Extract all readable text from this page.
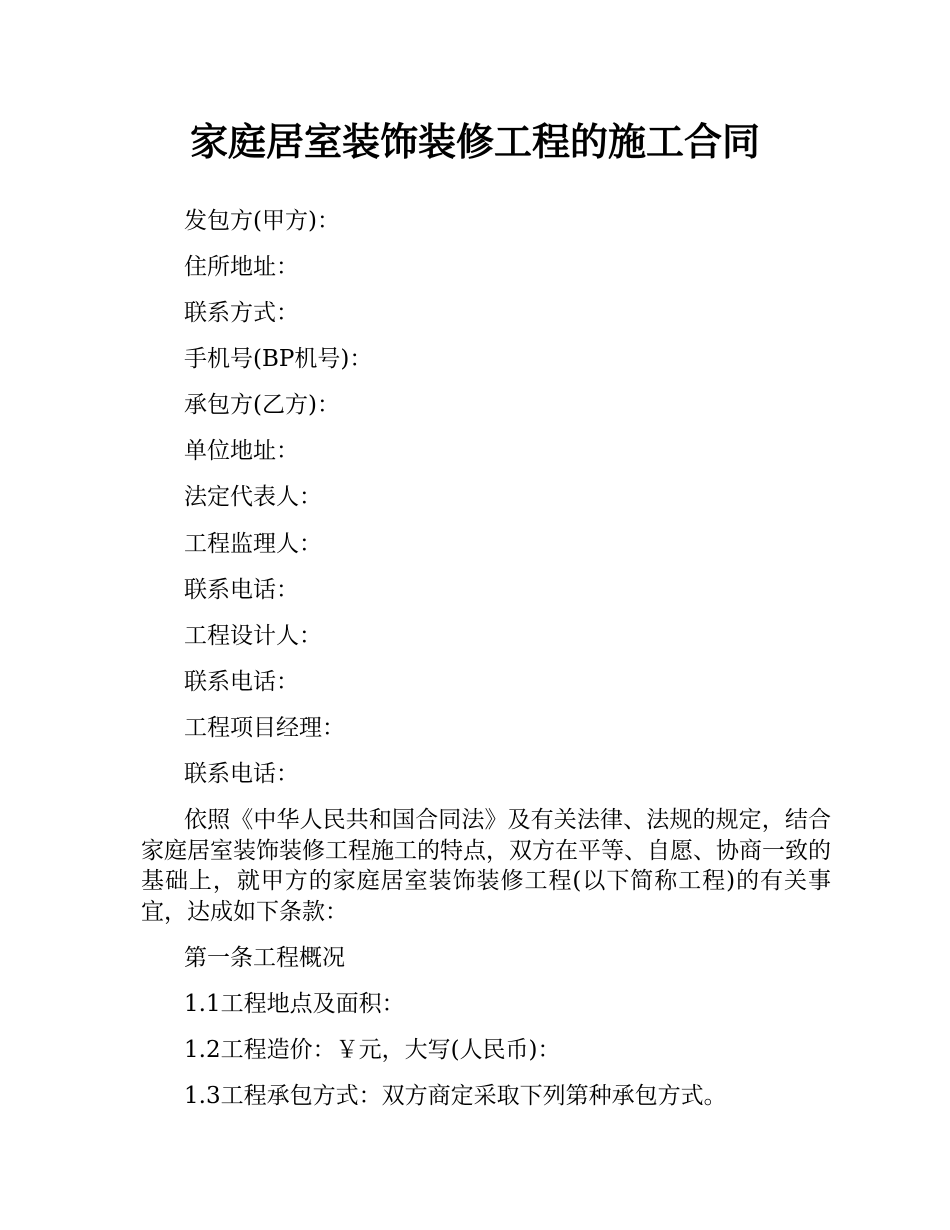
家庭居室装饰装修工程的施工合同
发包方(甲方)：
住所地址：
联系方式：
手机号(BP机号)：
承包方(乙方)：
单位地址：
法定代表人：
工程监理人：
联系电话：
工程设计人：
联系电话：
工程项目经理：
联系电话：
依照《中华人民共和国合同法》及有关法律、法规的规定，结合家庭居室装饰装修工程施工的特点，双方在平等、自愿、协商一致的基础上，就甲方的家庭居室装饰装修工程(以下简称工程)的有关事宜，达成如下条款：
第一条工程概况
1.1工程地点及面积：
1.2工程造价：￥元，大写(人民币)：
1.3工程承包方式：双方商定采取下列第种承包方式。
